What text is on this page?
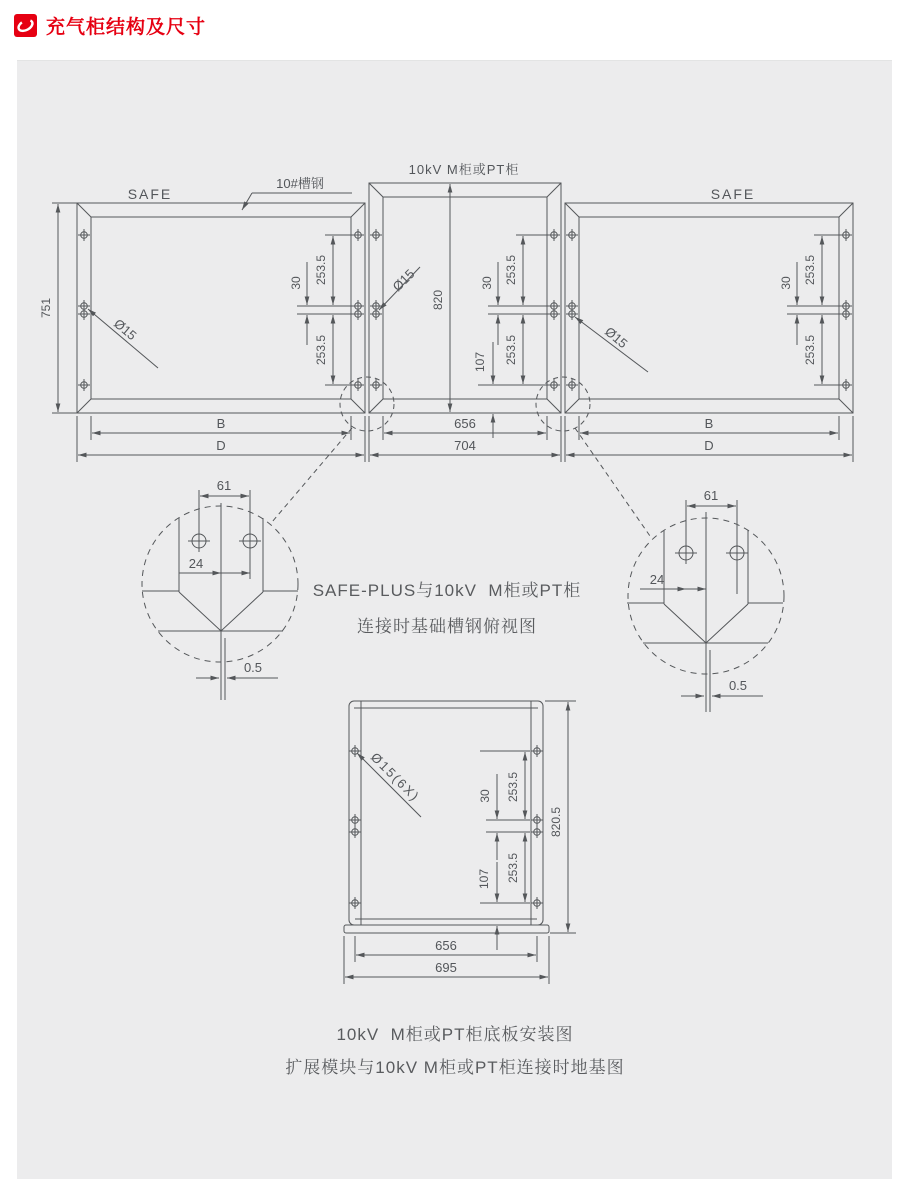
充气柜结构及尺寸
SAFE	SAFE
10kV M柜或PT柜
10#槽钢
751	820
253.5
30
253.5
253.5
30
253.5
107
253.5
30
253.5
Ø15
Ø15
Ø15
B
D
656
704
B
D
61
24
0.5
61
24
0.5
SAFE-PLUS与10kV  M柜或PT柜
连接时基础槽钢俯视图
Ø15(6X)	253.5
30
253.5
107
820.5
656
695
10kV  M柜或PT柜底板安装图
扩展模块与10kV M柜或PT柜连接时地基图
